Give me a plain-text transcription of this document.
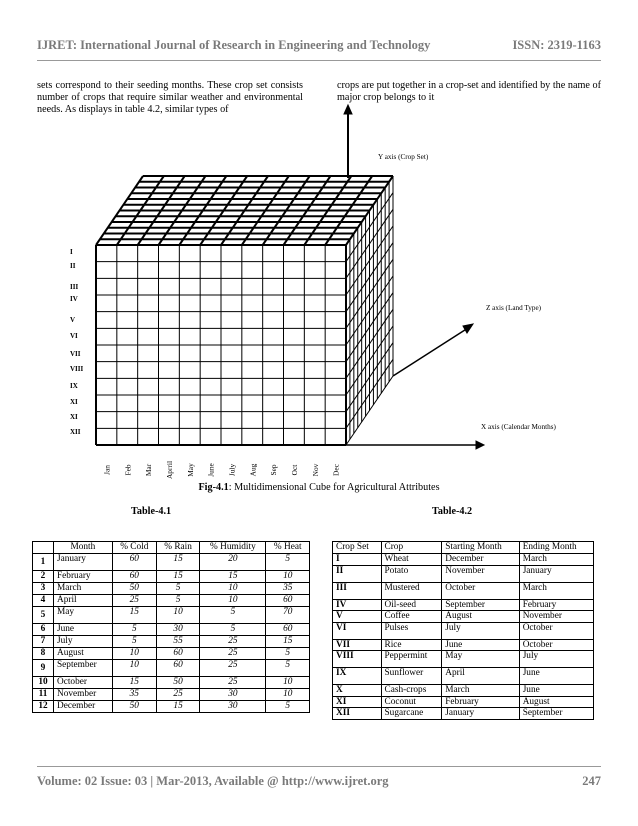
IJRET: International Journal of Research in Engineering and Technology	ISSN: 2319-1163
sets correspond to their seeding months. These crop set consists number of crops that require similar weather and environmental needs. As displays in table 4.2, similar types of
crops are put together in a crop-set and identified by the name of major crop belongs to it
I
II
III
IV
V
VI
VII
VIII
IX
XI
XI
XII
Jan Feb Mar Aprril May June July Aug Sep Oct Nov Dec
Y axis (Crop Set)
Z axis (Land Type)
X axis (Calendar Months)
Fig-4.1: Multidimensional Cube for Agricultural Attributes
Table-4.1	Table-4.2
	Month	% Cold	% Rain	% Humidity	% Heat
1	January	60	15	20	5
2	February	60	15	15	10
3	March	50	5	10	35
4	April	25	5	10	60
5	May	15	10	5	70
6	June	5	30	5	60
7	July	5	55	25	15
8	August	10	60	25	5
9	September	10	60	25	5
10	October	15	50	25	10
11	November	35	25	30	10
12	December	50	15	30	5
Crop Set	Crop	Starting Month	Ending Month
I	Wheat	December	March
II	Potato	November	January
III	Mustered	October	March
IV	Oil-seed	September	February
V	Coffee	August	November
VI	Pulses	July	October
VII	Rice	June	October
VIII	Peppermint	May	July
IX	Sunflower	April	June
X	Cash-crops	March	June
XI	Coconut	February	August
XII	Sugarcane	January	September
Volume: 02 Issue: 03 | Mar-2013, Available @ http://www.ijret.org	247
